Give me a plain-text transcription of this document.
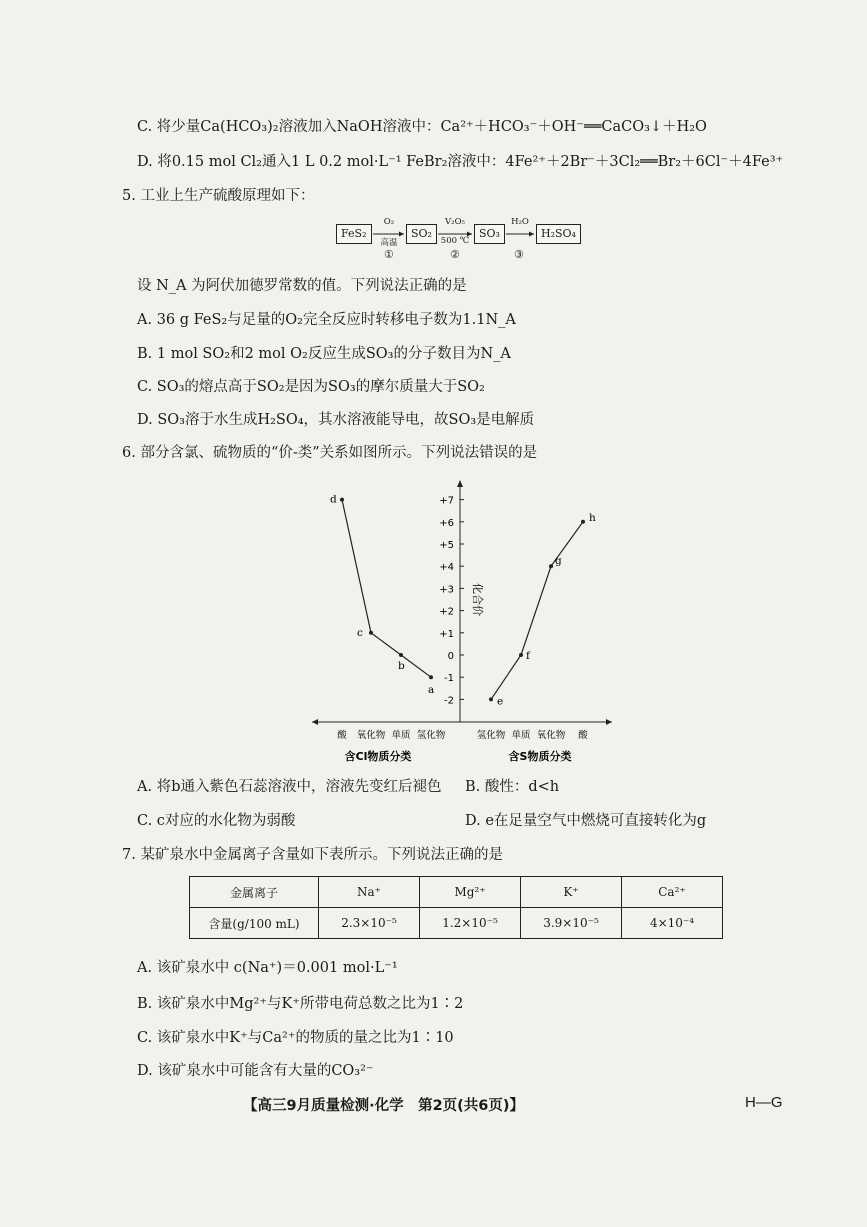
C. 将少量Ca(HCO₃)₂溶液加入NaOH溶液中：Ca²⁺＋HCO₃⁻＋OH⁻══CaCO₃↓＋H₂O
D. 将0.15 mol Cl₂通入1 L 0.2 mol·L⁻¹ FeBr₂溶液中：4Fe²⁺＋2Br⁻＋3Cl₂══Br₂＋6Cl⁻＋4Fe³⁺
5. 工业上生产硫酸原理如下：
FeS₂	SO₂	SO₃	H₂SO₄
O₂
高温
①
V₂O₅
500 ℃
②
H₂O
③
设 N_A 为阿伏加德罗常数的值。下列说法正确的是
A. 36 g FeS₂与足量的O₂完全反应时转移电子数为1.1N_A
B. 1 mol SO₂和2 mol O₂反应生成SO₃的分子数目为N_A
C. SO₃的熔点高于SO₂是因为SO₃的摩尔质量大于SO₂
D. SO₃溶于水生成H₂SO₄，其水溶液能导电，故SO₃是电解质
6. 部分含氯、硫物质的“价-类”关系如图所示。下列说法错误的是
+7
+6
+5
+4
+3
+2
+1
0
-1
-2
化合价
酸 氧化物 单质 氢化物
含Cl物质分类
d
c
b
a
氢化物 单质 氧化物 酸
含S物质分类
e
f
g
h
A. 将b通入紫色石蕊溶液中，溶液先变红后褪色 B. 酸性：d<h
C. c对应的水化物为弱酸	D. e在足量空气中燃烧可直接转化为g
7. 某矿泉水中金属离子含量如下表所示。下列说法正确的是
金属离子	Na⁺	Mg²⁺	K⁺	Ca²⁺
含量(g/100 mL)	2.3×10⁻⁵	1.2×10⁻⁵	3.9×10⁻⁵	4×10⁻⁴
A. 该矿泉水中 c(Na⁺)＝0.001 mol·L⁻¹
B. 该矿泉水中Mg²⁺与K⁺所带电荷总数之比为1∶2
C. 该矿泉水中K⁺与Ca²⁺的物质的量之比为1∶10
D. 该矿泉水中可能含有大量的CO₃²⁻
【高三9月质量检测·化学　第2页(共6页)】	H—G
